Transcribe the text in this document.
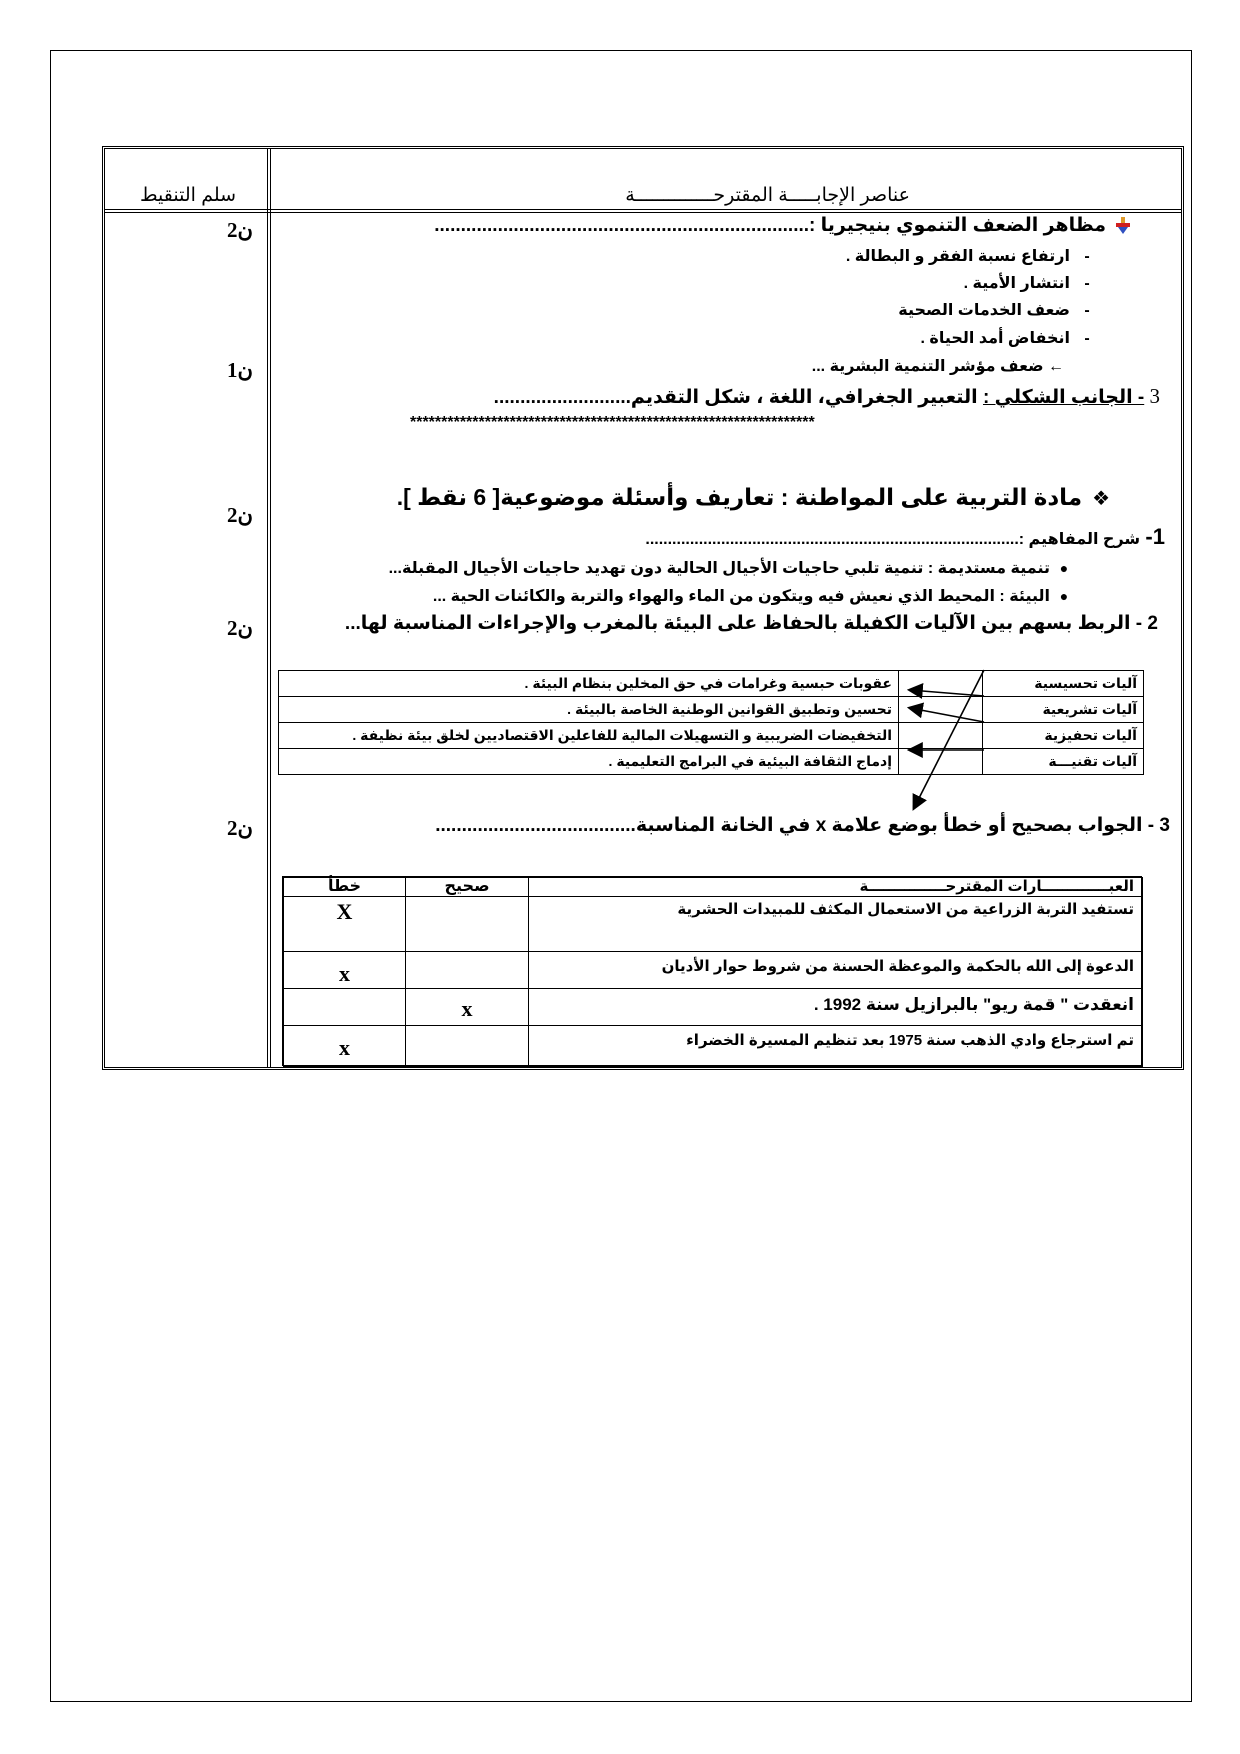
سلم التنقيط	عناصر الإجابـــــة المقترحــــــــــــــة
2ن
1ن
2ن
2ن
2ن
مظاهر الضعف التنموي بنيجيريا :.......................................................................
-ارتفاع نسبة الفقر و البطالة .
-انتشار الأمية .
-ضعف الخدمات الصحية
-انخفاض أمد الحياة .
← ضعف مؤشر التنمية البشرية ...
3 - الجانب الشكلي : التعبير الجغرافي، اللغة ، شكل التقديم..........................
*****************************************************************
❖مادة التربية على المواطنة : تعاريف وأسئلة موضوعية[ 6 نقط ].
1- شرح المفاهيم :....................................................................................
●تنمية مستديمة : تنمية تلبي حاجيات الأجيال الحالية دون تهديد حاجيات الأجيال المقبلة...
●البيئة : المحيط الذي نعيش فيه ويتكون من الماء والهواء والتربة والكائنات الحية ...
2 - الربط بسهم بين الآليات الكفيلة بالحفاظ على البيئة بالمغرب والإجراءات المناسبة لها...
آليات تحسيسية
عقوبات حبسية وغرامات في حق المخلين بنظام البيئة .
آليات تشريعية
تحسين وتطبيق القوانين الوطنية الخاصة بالبيئة .
آليات تحفيزية
التخفيضات الضريبية و التسهيلات المالية للفاعلين الاقتصاديين لخلق بيئة نظيفة .
آليات تقنيـــة
إدماج الثقافة البيئية في البرامج التعليمية .
3 - الجواب بصحيح أو خطأ بوضع علامة x في الخانة المناسبة......................................
العبـــــــــــــارات المقترحـــــــــــــــة
صحيح
خطأ
تستفيد التربة الزراعية من الاستعمال المكثف للمبيدات الحشرية
X
الدعوة إلى الله بالحكمة والموعظة الحسنة من شروط حوار الأديان
x
انعقدت " قمة ريو" بالبرازيل سنة 1992 .
x
تم استرجاع وادي الذهب سنة 1975 بعد تنظيم المسيرة الخضراء
x
